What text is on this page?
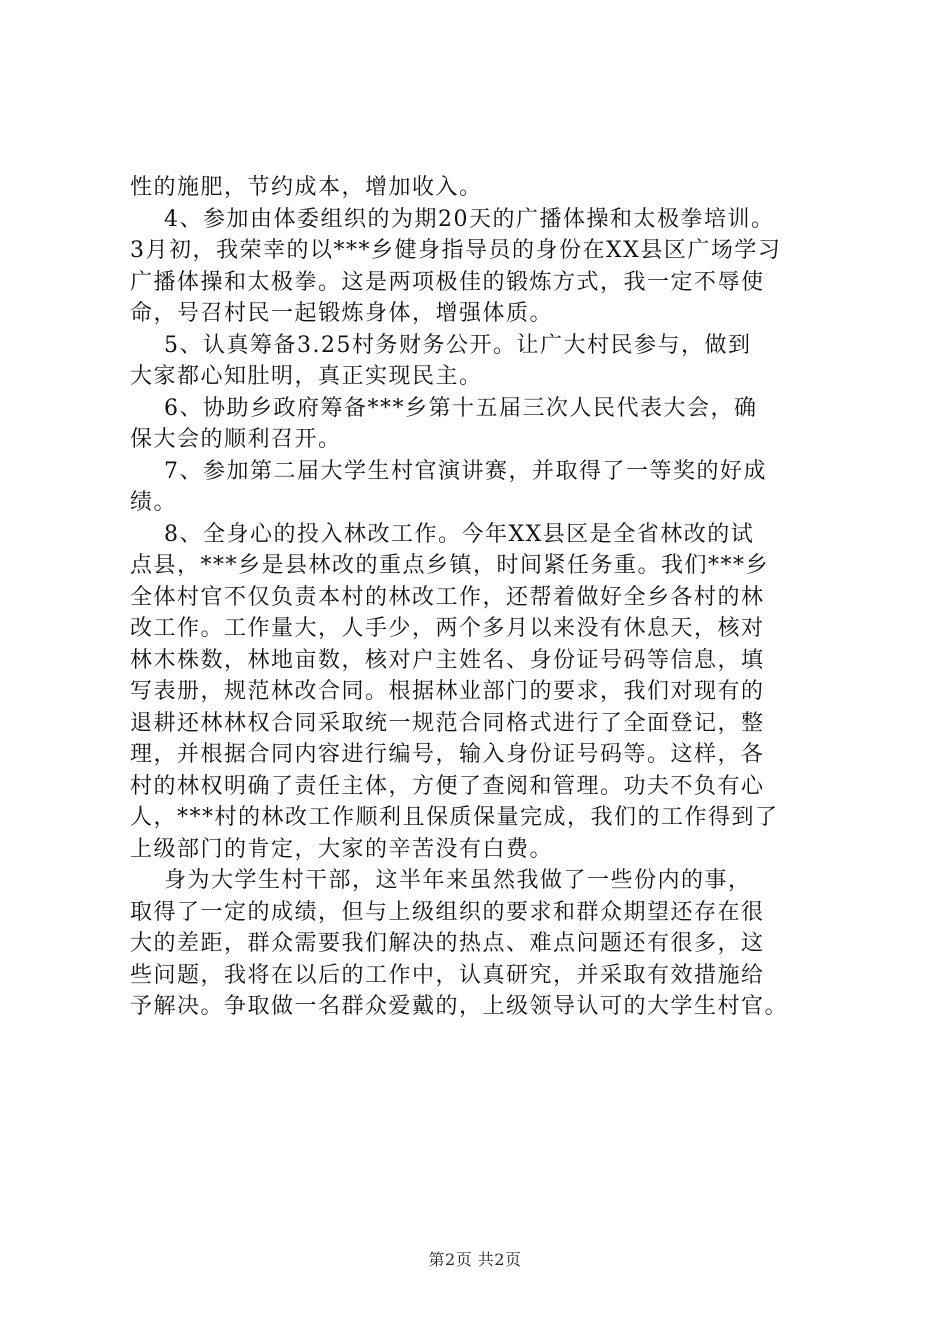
性的施肥，节约成本，增加收入。
4、参加由体委组织的为期20天的广播体操和太极拳培训。
3月初，我荣幸的以***乡健身指导员的身份在XX县区广场学习
广播体操和太极拳。这是两项极佳的锻炼方式，我一定不辱使
命，号召村民一起锻炼身体，增强体质。
5、认真筹备3.25村务财务公开。让广大村民参与，做到
大家都心知肚明，真正实现民主。
6、协助乡政府筹备***乡第十五届三次人民代表大会，确
保大会的顺利召开。
7、参加第二届大学生村官演讲赛，并取得了一等奖的好成
绩。
8、全身心的投入林改工作。今年XX县区是全省林改的试
点县，***乡是县林改的重点乡镇，时间紧任务重。我们***乡
全体村官不仅负责本村的林改工作，还帮着做好全乡各村的林
改工作。工作量大，人手少，两个多月以来没有休息天，核对
林木株数，林地亩数，核对户主姓名、身份证号码等信息，填
写表册，规范林改合同。根据林业部门的要求，我们对现有的
退耕还林林权合同采取统一规范合同格式进行了全面登记，整
理，并根据合同内容进行编号，输入身份证号码等。这样，各
村的林权明确了责任主体，方便了查阅和管理。功夫不负有心
人，***村的林改工作顺利且保质保量完成，我们的工作得到了
上级部门的肯定，大家的辛苦没有白费。
身为大学生村干部，这半年来虽然我做了一些份内的事，
取得了一定的成绩，但与上级组织的要求和群众期望还存在很
大的差距，群众需要我们解决的热点、难点问题还有很多，这
些问题，我将在以后的工作中，认真研究，并采取有效措施给
予解决。争取做一名群众爱戴的，上级领导认可的大学生村官。
第2页 共2页
